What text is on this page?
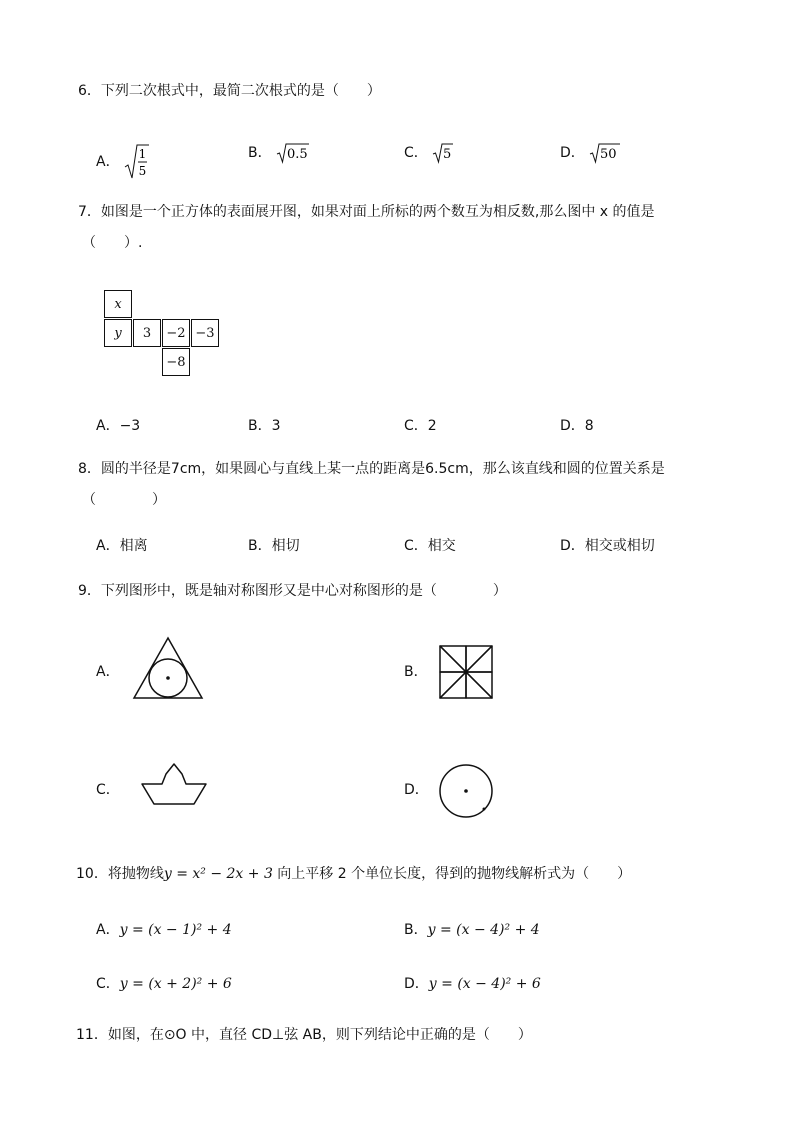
6．下列二次根式中，最简二次根式的是（　　）
A． 1
5
B． 0.5	C． 5	D． 50
7．如图是一个正方体的表面展开图，如果对面上所标的两个数互为相反数,那么图中 x 的值是
（　　）.
x
y	3	−2 −3
−8
A．−3	B．3	C．2	D．8
8．圆的半径是7cm，如果圆心与直线上某一点的距离是6.5cm，那么该直线和圆的位置关系是
（　　　　）
A．相离	B．相切	C．相交	D．相交或相切
9．下列图形中，既是轴对称图形又是中心对称图形的是（　　　　）
A．	B．
C．	D．
10．将抛物线y = x² − 2x + 3 向上平移 2 个单位长度，得到的抛物线解析式为（　　）
A．y = (x − 1)² + 4	B．y = (x − 4)² + 4
C．y = (x + 2)² + 6	D．y = (x − 4)² + 6
11．如图，在⊙O 中，直径 CD⊥弦 AB，则下列结论中正确的是（　　）
